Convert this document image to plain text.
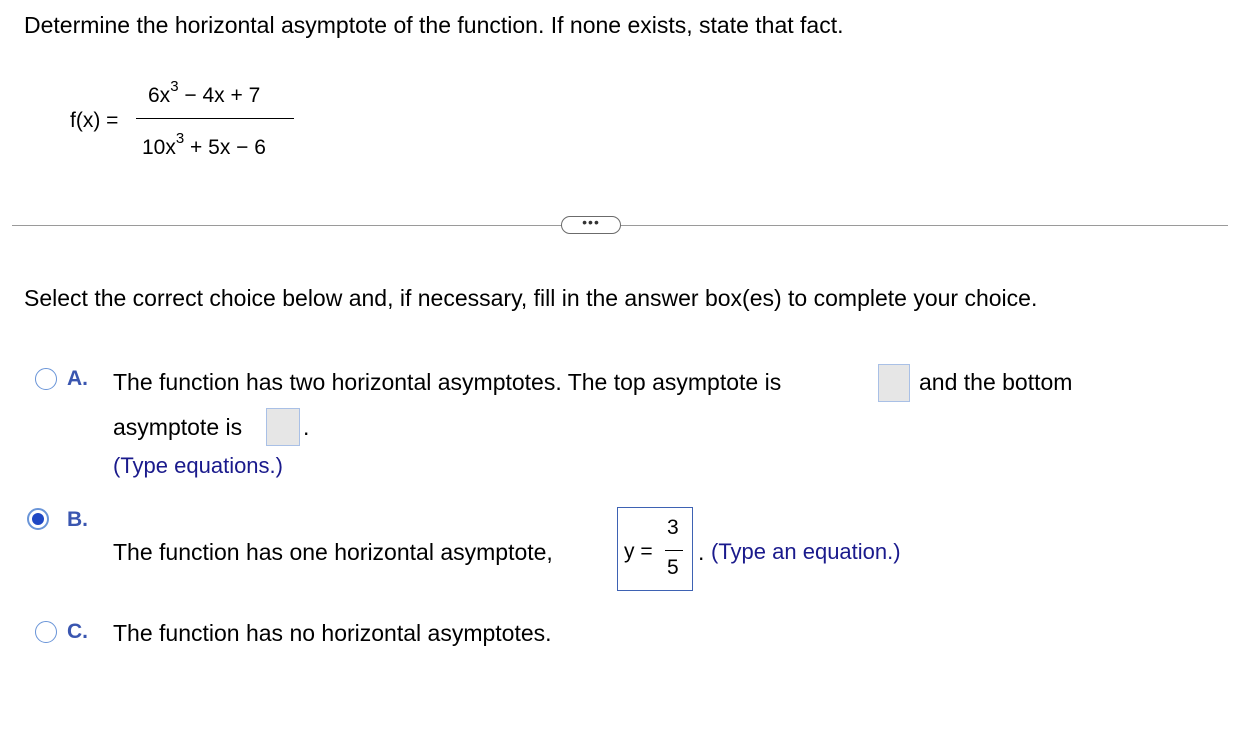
Determine the horizontal asymptote of the function. If none exists, state that fact.
f(x) =
$6x^3 - 4x + 7$
$10x^3 + 5x - 6$
•••
Select the correct choice below and, if necessary, fill in the answer box(es) to complete your choice.
A. The function has two horizontal asymptotes. The top asymptote is	and the bottom
asymptote is	.
(Type equations.)
B.
The function has one horizontal asymptote,	y =
3
5
. (Type an equation.)
C. The function has no horizontal asymptotes.
